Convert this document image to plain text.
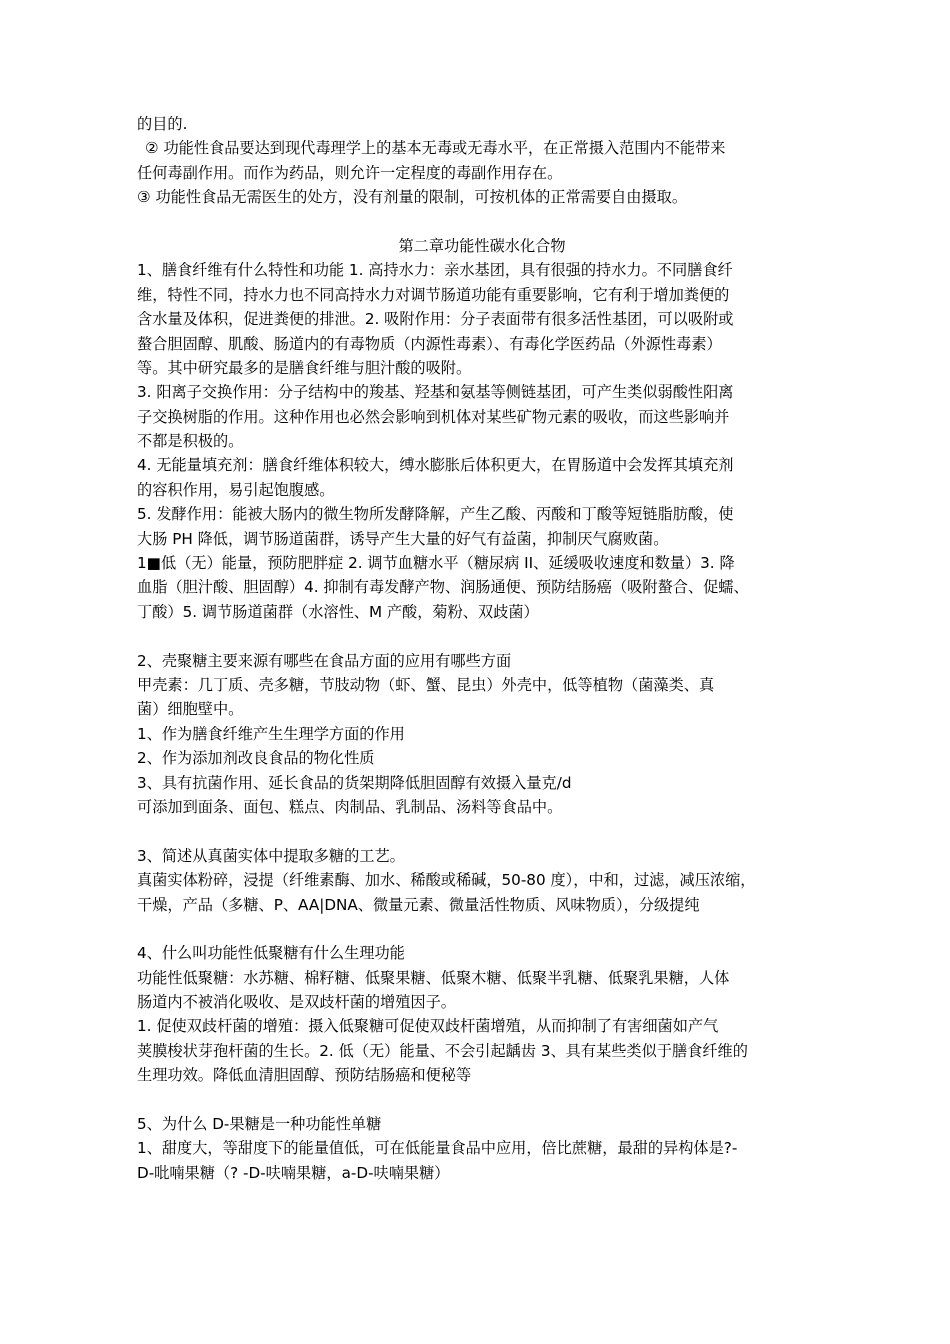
的目的.
② 功能性食品要达到现代毒理学上的基本无毒或无毒水平，在正常摄入范围内不能带来
任何毒副作用。而作为药品，则允许一定程度的毒副作用存在。
③ 功能性食品无需医生的处方，没有剂量的限制，可按机体的正常需要自由摄取。
第二章功能性碳水化合物
1、膳食纤维有什么特性和功能 1. 高持水力：亲水基团，具有很强的持水力。不同膳食纤
维，特性不同，持水力也不同高持水力对调节肠道功能有重要影响，它有利于增加粪便的
含水量及体积，促进粪便的排泄。2. 吸附作用：分子表面带有很多活性基团，可以吸附或
螯合胆固醇、肌酸、肠道内的有毒物质（内源性毒素）、有毒化学医药品（外源性毒素）
等。其中研究最多的是膳食纤维与胆汁酸的吸附。
3. 阳离子交换作用：分子结构中的羧基、羟基和氨基等侧链基团，可产生类似弱酸性阳离
子交换树脂的作用。这种作用也必然会影响到机体对某些矿物元素的吸收，而这些影响并
不都是积极的。
4. 无能量填充剂：膳食纤维体积较大，缚水膨胀后体积更大，在胃肠道中会发挥其填充剂
的容积作用，易引起饱腹感。
5. 发酵作用：能被大肠内的微生物所发酵降解，产生乙酸、丙酸和丁酸等短链脂肪酸，使
大肠 PH 降低，调节肠道菌群，诱导产生大量的好气有益菌，抑制厌气腐败菌。
1■低（无）能量，预防肥胖症 2. 调节血糖水平（糖尿病 II、延缓吸收速度和数量）3. 降
血脂（胆汁酸、胆固醇）4. 抑制有毒发酵产物、润肠通便、预防结肠癌（吸附螯合、促蠕、
丁酸）5. 调节肠道菌群（水溶性、M 产酸，菊粉、双歧菌）
2、壳聚糖主要来源有哪些在食品方面的应用有哪些方面
甲壳素：几丁质、壳多糖，节肢动物（虾、蟹、昆虫）外壳中，低等植物（菌藻类、真
菌）细胞壁中。
1、作为膳食纤维产生生理学方面的作用
2、作为添加剂改良食品的物化性质
3、具有抗菌作用、延长食品的货架期降低胆固醇有效摄入量克/d
可添加到面条、面包、糕点、肉制品、乳制品、汤料等食品中。
3、简述从真菌实体中提取多糖的工艺。
真菌实体粉碎，浸提（纤维素酶、加水、稀酸或稀碱，50-80 度），中和，过滤，减压浓缩，
干燥，产品（多糖、P、AA|DNA、微量元素、微量活性物质、风味物质），分级提纯
4、什么叫功能性低聚糖有什么生理功能
功能性低聚糖：水苏糖、棉籽糖、低聚果糖、低聚木糖、低聚半乳糖、低聚乳果糖，人体
肠道内不被消化吸收、是双歧杆菌的增殖因子。
1. 促使双歧杆菌的增殖：摄入低聚糖可促使双歧杆菌增殖，从而抑制了有害细菌如产气
荚膜梭状芽孢杆菌的生长。2. 低（无）能量、不会引起龋齿 3、具有某些类似于膳食纤维的
生理功效。降低血清胆固醇、预防结肠癌和便秘等
5、为什么 D-果糖是一种功能性单糖
1、甜度大，等甜度下的能量值低，可在低能量食品中应用，倍比蔗糖，最甜的异构体是?-
D-吡喃果糖（? -D-呋喃果糖，a-D-呋喃果糖）
